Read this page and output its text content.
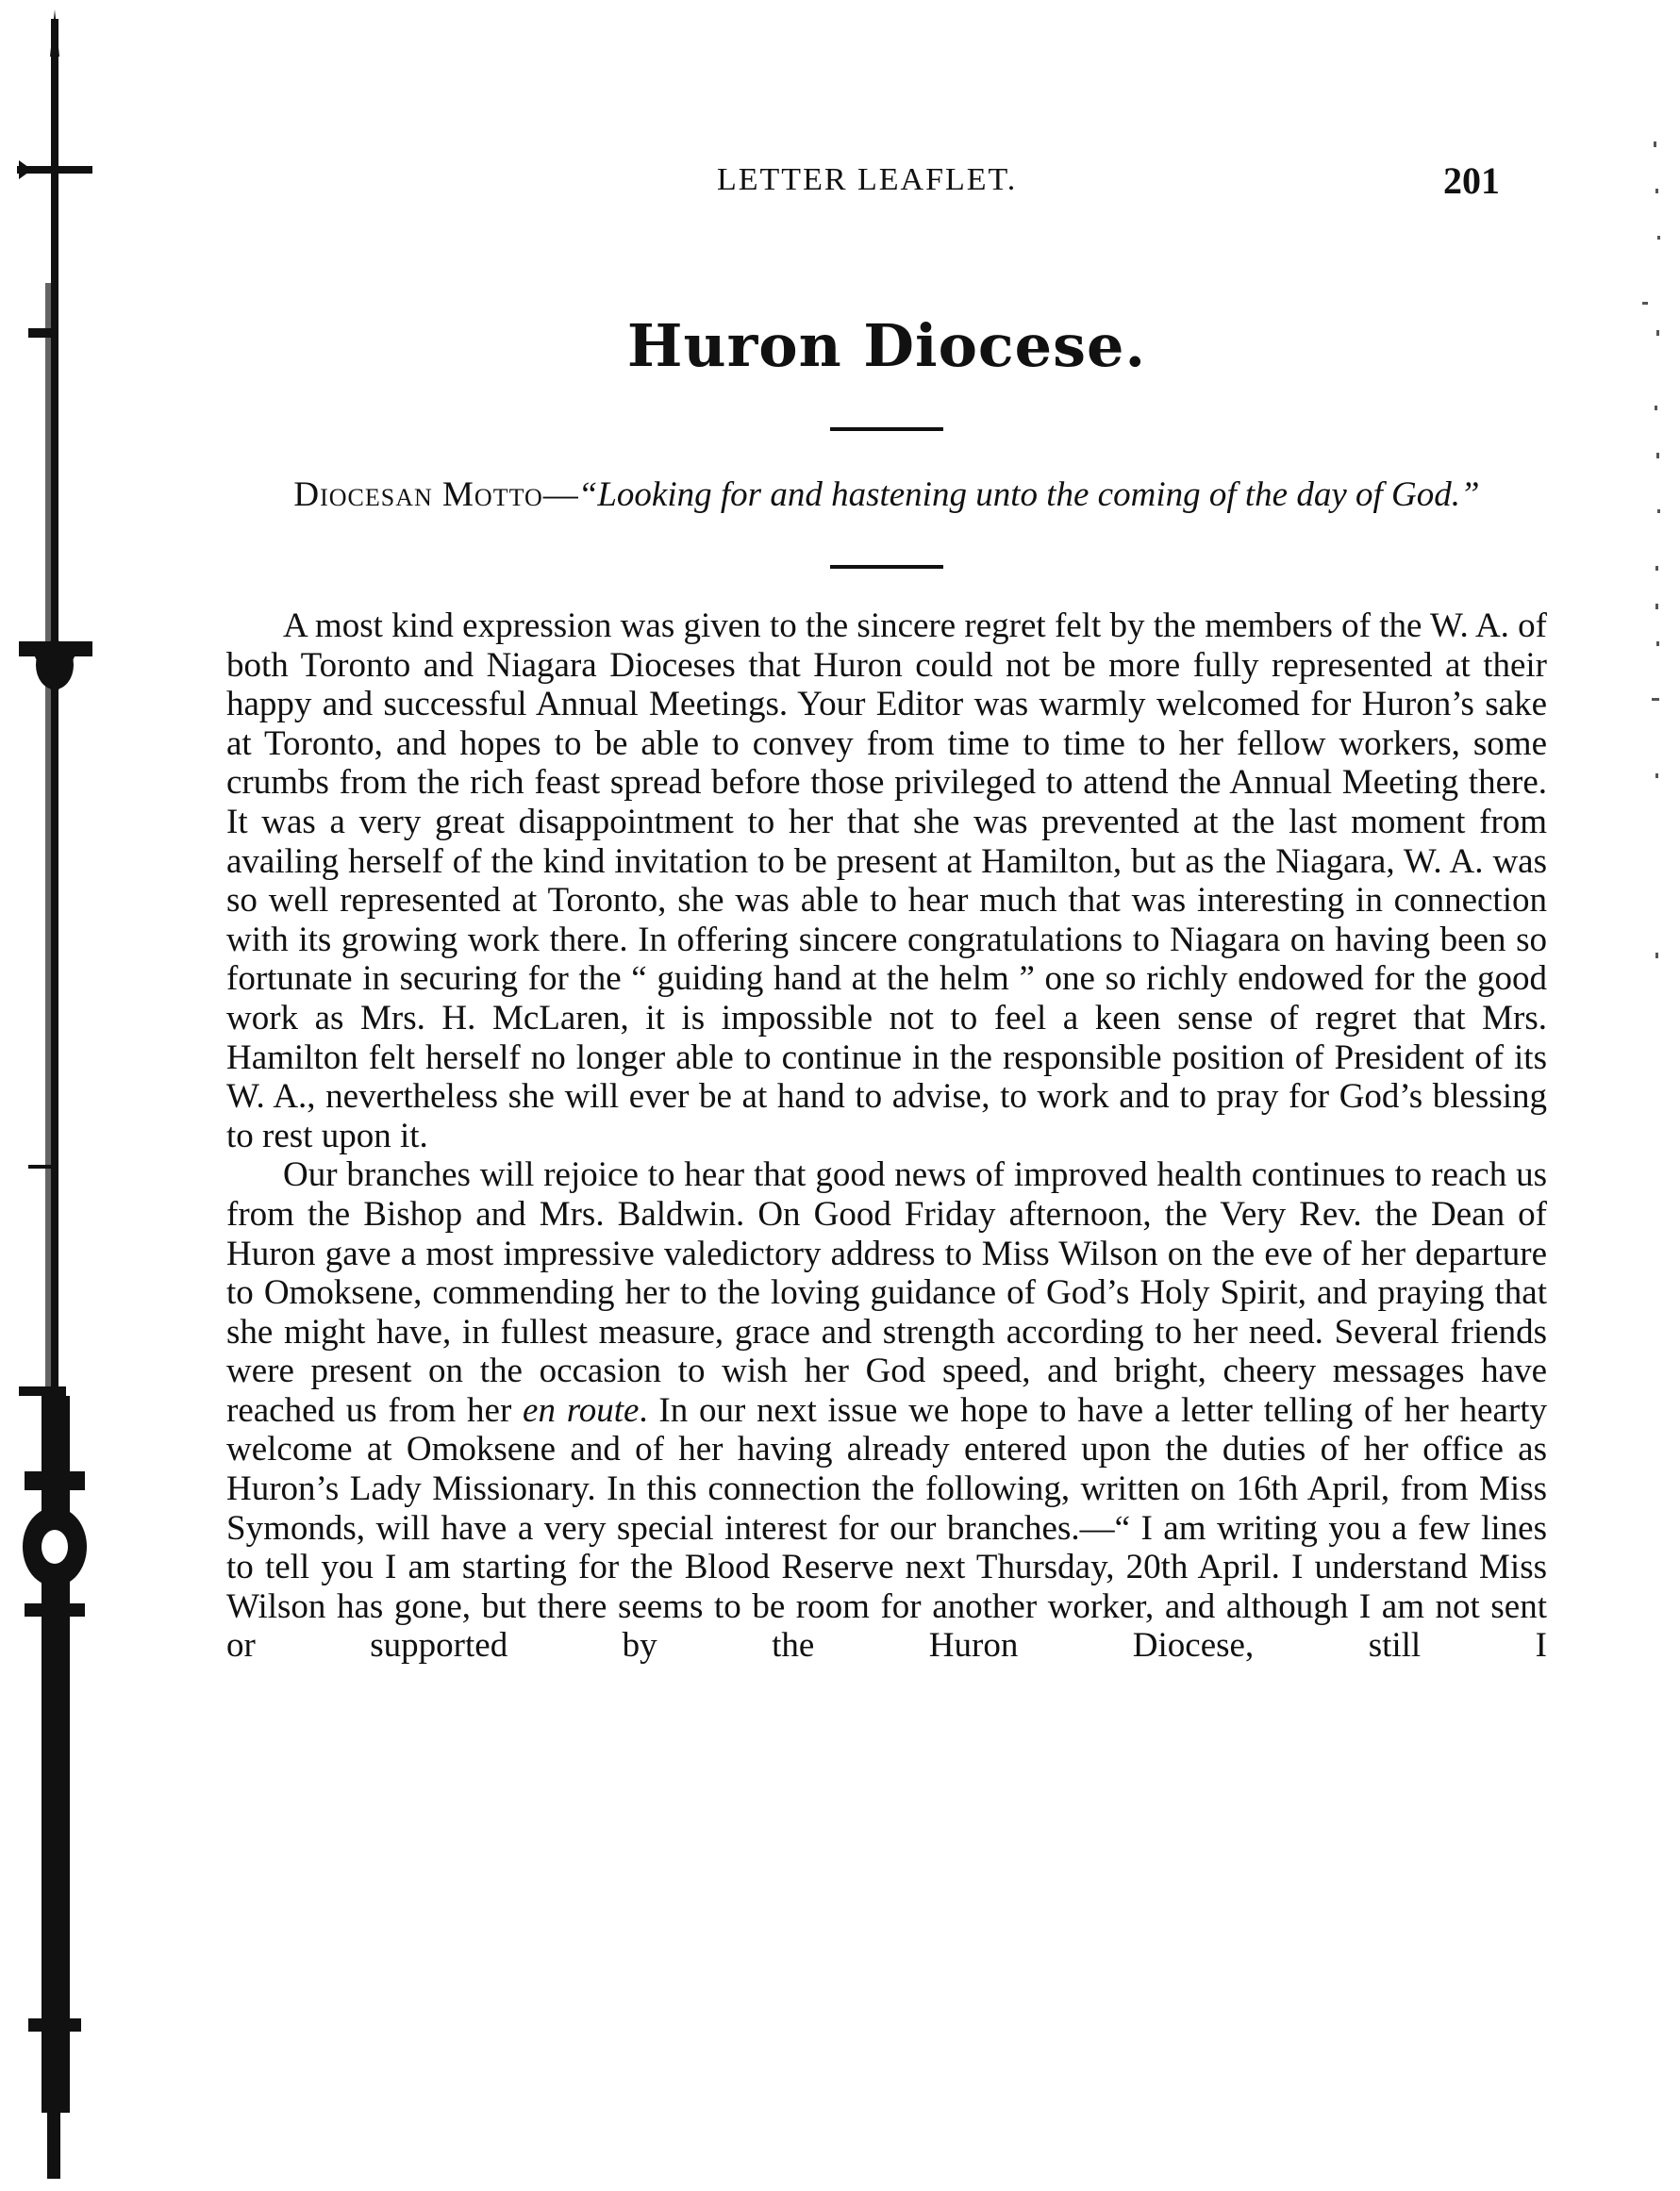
LETTER LEAFLET.	201
Huron Diocese.
Diocesan Motto—“Looking for and hastening unto the coming of the day of God.”

A most kind expression was given to the sincere regret felt by the members of the W. A. of both Toronto and Niagara Dioceses that Huron could not be more fully represented at their happy and successful Annual Meetings. Your Editor was warmly welcomed for Huron’s sake at Toronto, and hopes to be able to convey from time to time to her fellow workers, some crumbs from the rich feast spread before those privileged to attend the Annual Meeting there. It was a very great disappointment to her that she was prevented at the last moment from availing herself of the kind invitation to be present at Hamilton, but as the Niagara, W. A. was so well represented at Toronto, she was able to hear much that was interesting in connection with its growing work there. In offering sincere congratulations to Niagara on having been so fortunate in securing for the “ guiding hand at the helm ” one so richly endowed for the good work as Mrs. H. McLaren, it is impossible not to feel a keen sense of regret that Mrs. Hamilton felt herself no longer able to continue in the responsible position of President of its W. A., nevertheless she will ever be at hand to advise, to work and to pray for God’s blessing to rest upon it.

Our branches will rejoice to hear that good news of improved health continues to reach us from the Bishop and Mrs. Baldwin. On Good Friday afternoon, the Very Rev. the Dean of Huron gave a most impressive valedictory address to Miss Wilson on the eve of her departure to Omoksene, commending her to the loving guidance of God’s Holy Spirit, and praying that she might have, in fullest measure, grace and strength according to her need. Several friends were present on the occasion to wish her God speed, and bright, cheery messages have reached us from her en route. In our next issue we hope to have a letter telling of her hearty welcome at Omoksene and of her having already entered upon the duties of her office as Huron’s Lady Missionary. In this connection the following, written on 16th April, from Miss Symonds, will have a very special interest for our branches.—“ I am writing you a few lines to tell you I am starting for the Blood Reserve next Thursday, 20th April. I understand Miss Wilson has gone, but there seems to be room for another worker, and although I am not sent or supported by the Huron Diocese, still I
